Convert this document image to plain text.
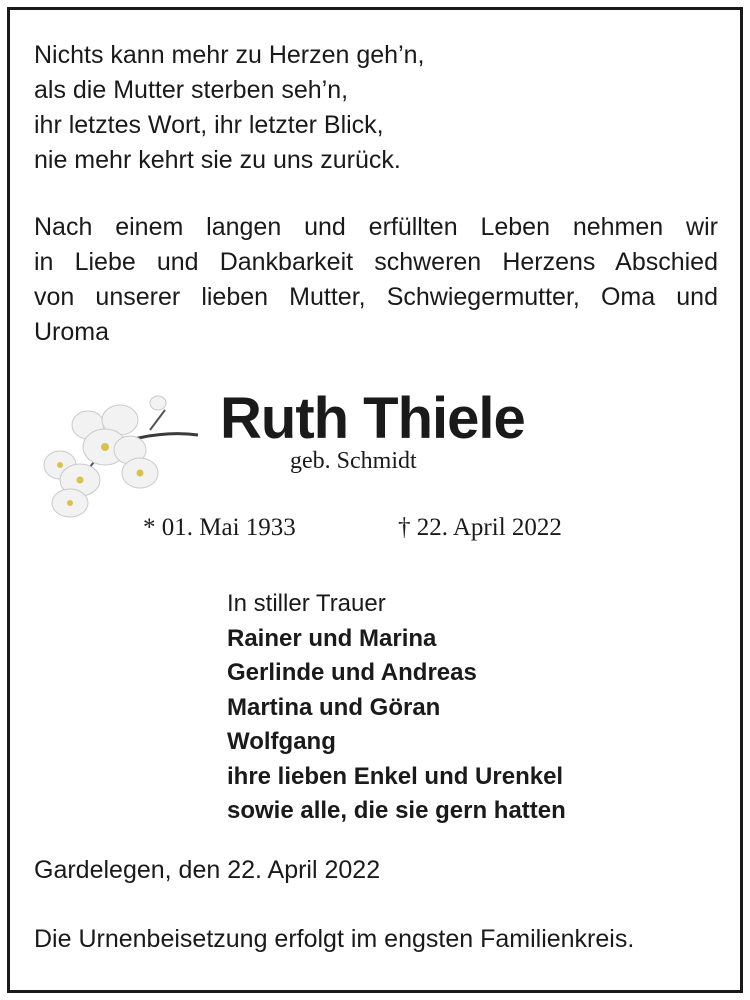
Nichts kann mehr zu Herzen geh’n,
als die Mutter sterben seh’n,
ihr letztes Wort, ihr letzter Blick,
nie mehr kehrt sie zu uns zurück.
Nach einem langen und erfüllten Leben nehmen wir
in Liebe und Dankbarkeit schweren Herzens Abschied
von unserer lieben Mutter, Schwiegermutter, Oma und
Uroma
Ruth Thiele
geb. Schmidt
* 01. Mai 1933	† 22. April 2022
In stiller Trauer
Rainer und Marina
Gerlinde und Andreas
Martina und Göran
Wolfgang
ihre lieben Enkel und Urenkel
sowie alle, die sie gern hatten
Gardelegen, den 22. April 2022
Die Urnenbeisetzung erfolgt im engsten Familienkreis.
